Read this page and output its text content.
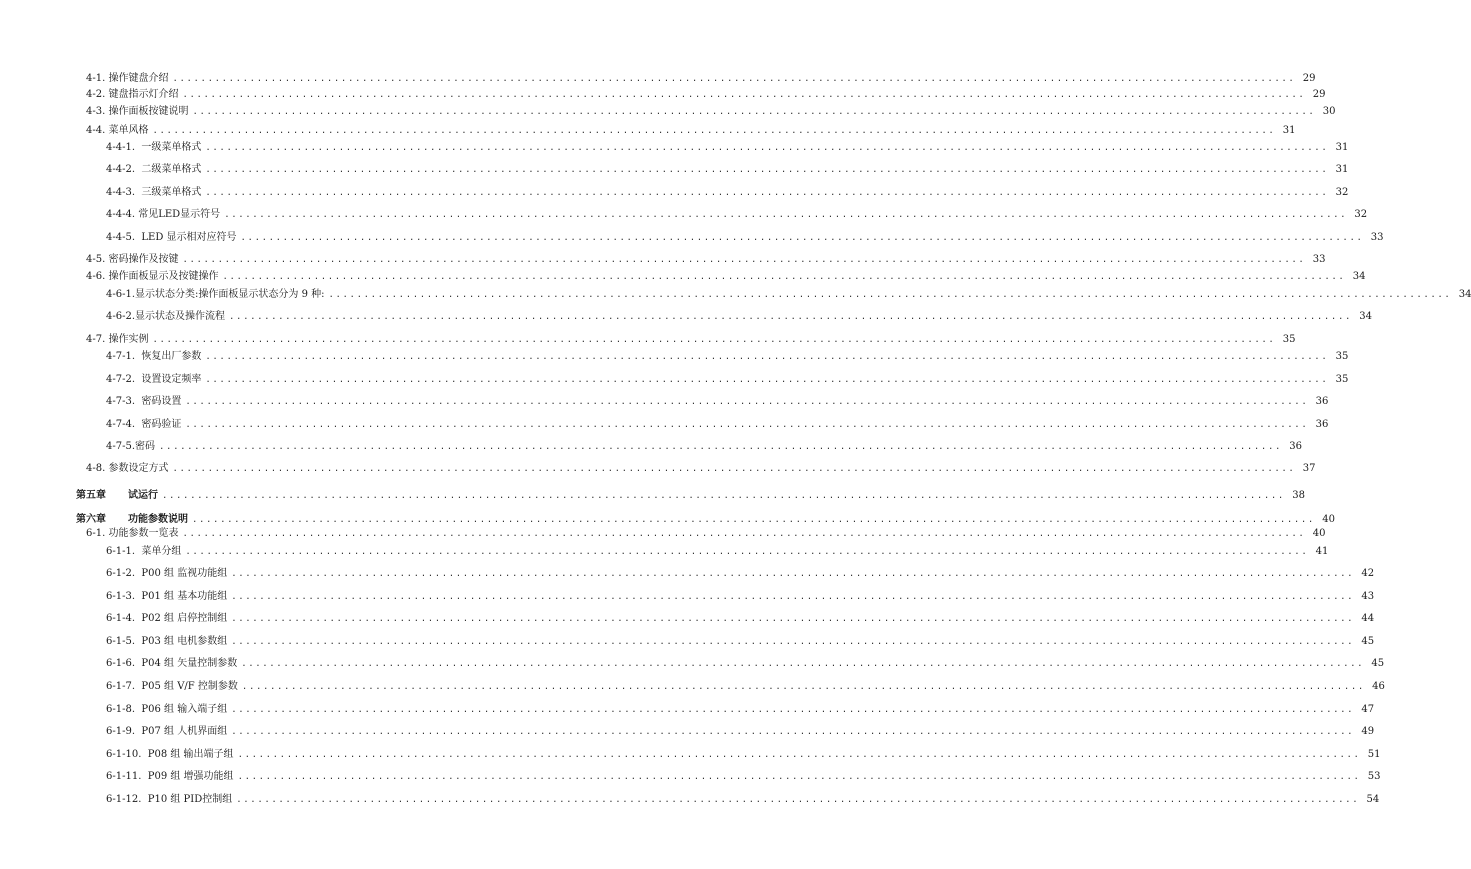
4-1. 操作键盘介绍 ................................................................................................................................................................ 29
4-2. 键盘指示灯介绍 ................................................................................................................................................................ 29
4-3. 操作面板按键说明 ................................................................................................................................................................ 30
4-4. 菜单风格 ................................................................................................................................................................ 31
4-4-1. 一级菜单格式 ................................................................................................................................................................ 31
4-4-2. 二级菜单格式 ................................................................................................................................................................ 31
4-4-3. 三级菜单格式 ................................................................................................................................................................ 32
4-4-4. 常见LED显示符号 ................................................................................................................................................................ 32
4-4-5. LED 显示相对应符号 ................................................................................................................................................................ 33
4-5. 密码操作及按键 ................................................................................................................................................................ 33
4-6. 操作面板显示及按键操作 ................................................................................................................................................................ 34
4-6-1.显示状态分类:操作面板显示状态分为 9 种: ................................................................................................................................................................ 34
4-6-2.显示状态及操作流程 ................................................................................................................................................................ 34
4-7. 操作实例 ................................................................................................................................................................ 35
4-7-1. 恢复出厂参数 ................................................................................................................................................................ 35
4-7-2. 设置设定频率 ................................................................................................................................................................ 35
4-7-3. 密码设置 ................................................................................................................................................................ 36
4-7-4. 密码验证 ................................................................................................................................................................ 36
4-7-5.密码 ................................................................................................................................................................ 36
4-8. 参数设定方式 ................................................................................................................................................................ 37
第五章 试运行 ................................................................................................................................................................ 38
第六章 功能参数说明 ................................................................................................................................................................ 40
6-1. 功能参数一览表 ................................................................................................................................................................ 40
6-1-1. 菜单分组 ................................................................................................................................................................ 41
6-1-2. P00 组 监视功能组 ................................................................................................................................................................ 42
6-1-3. P01 组 基本功能组 ................................................................................................................................................................ 43
6-1-4. P02 组 启停控制组 ................................................................................................................................................................ 44
6-1-5. P03 组 电机参数组 ................................................................................................................................................................ 45
6-1-6. P04 组 矢量控制参数 ................................................................................................................................................................ 45
6-1-7. P05 组 V/F 控制参数 ................................................................................................................................................................ 46
6-1-8. P06 组 输入端子组 ................................................................................................................................................................ 47
6-1-9. P07 组 人机界面组 ................................................................................................................................................................ 49
6-1-10. P08 组 输出端子组 ................................................................................................................................................................ 51
6-1-11. P09 组 增强功能组 ................................................................................................................................................................ 53
6-1-12. P10 组 PID控制组 ................................................................................................................................................................ 54
